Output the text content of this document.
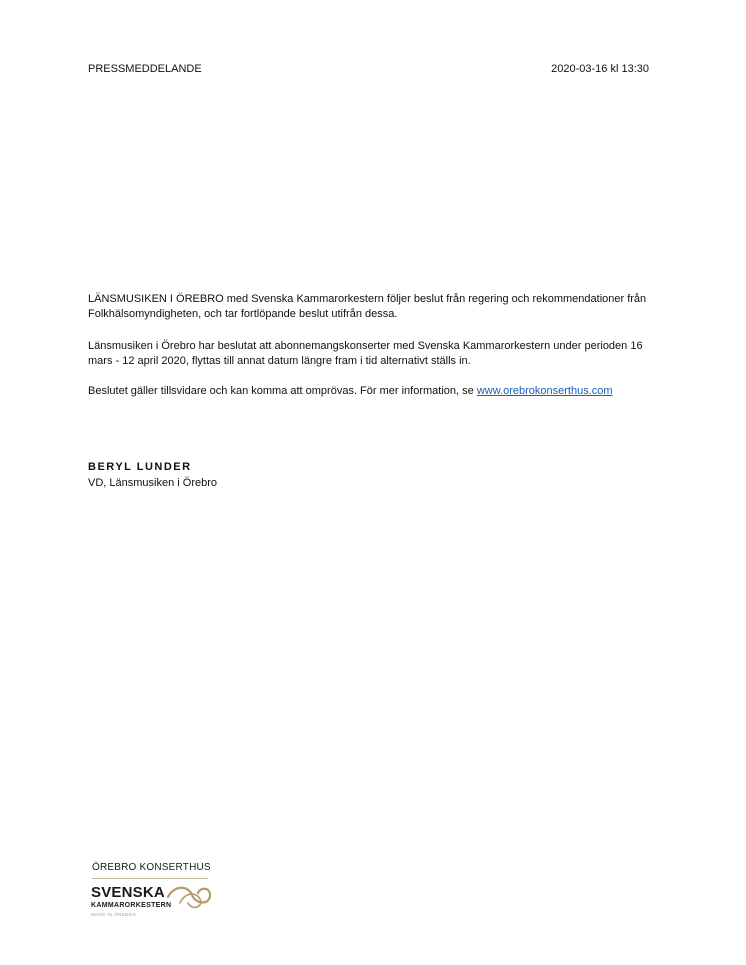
PRESSMEDDELANDE	2020-03-16 kl 13:30

LÄNSMUSIKEN I ÖREBRO med Svenska Kammarorkestern följer beslut från regering och rekommendationer från Folkhälsomyndigheten, och tar fortlöpande beslut utifrån dessa.

Länsmusiken i Örebro har beslutat att abonnemangskonserter med Svenska Kammarorkestern under perioden 16 mars - 12 april 2020, flyttas till annat datum längre fram i tid alternativt ställs in.

Beslutet gäller tillsvidare och kan komma att omprövas. För mer information, se www.orebrokonserthus.com

BERYL LUNDER
VD, Länsmusiken i Örebro
ÖREBRO KONSERTHUS
SVENSKA
KAMMARORKESTERN
MADE IN ÖREBRO
